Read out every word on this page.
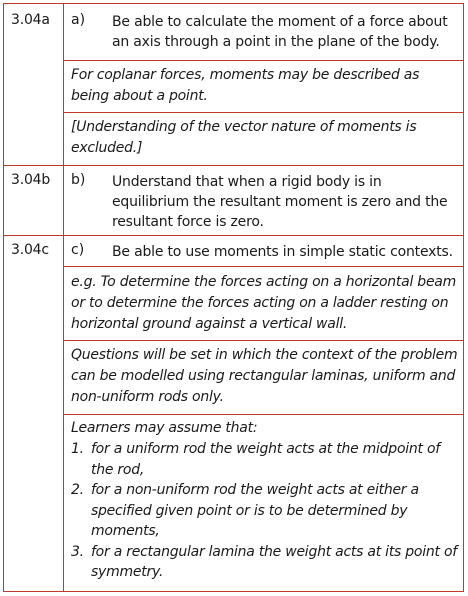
3.04a a) Be able to calculate the moment of a force about an axis through a point in the plane of the body.
For coplanar forces, moments may be described as being about a point.
[Understanding of the vector nature of moments is excluded.]
3.04b b) Understand that when a rigid body is in equilibrium the resultant moment is zero and the resultant force is zero.
3.04c c) Be able to use moments in simple static contexts.
e.g. To determine the forces acting on a horizontal beam or to determine the forces acting on a ladder resting on horizontal ground against a vertical wall.
Questions will be set in which the context of the problem can be modelled using rectangular laminas, uniform and non-uniform rods only.
Learners may assume that:
1. for a uniform rod the weight acts at the midpoint of the rod,
2. for a non-uniform rod the weight acts at either a specified given point or is to be determined by moments,
3. for a rectangular lamina the weight acts at its point of symmetry.
